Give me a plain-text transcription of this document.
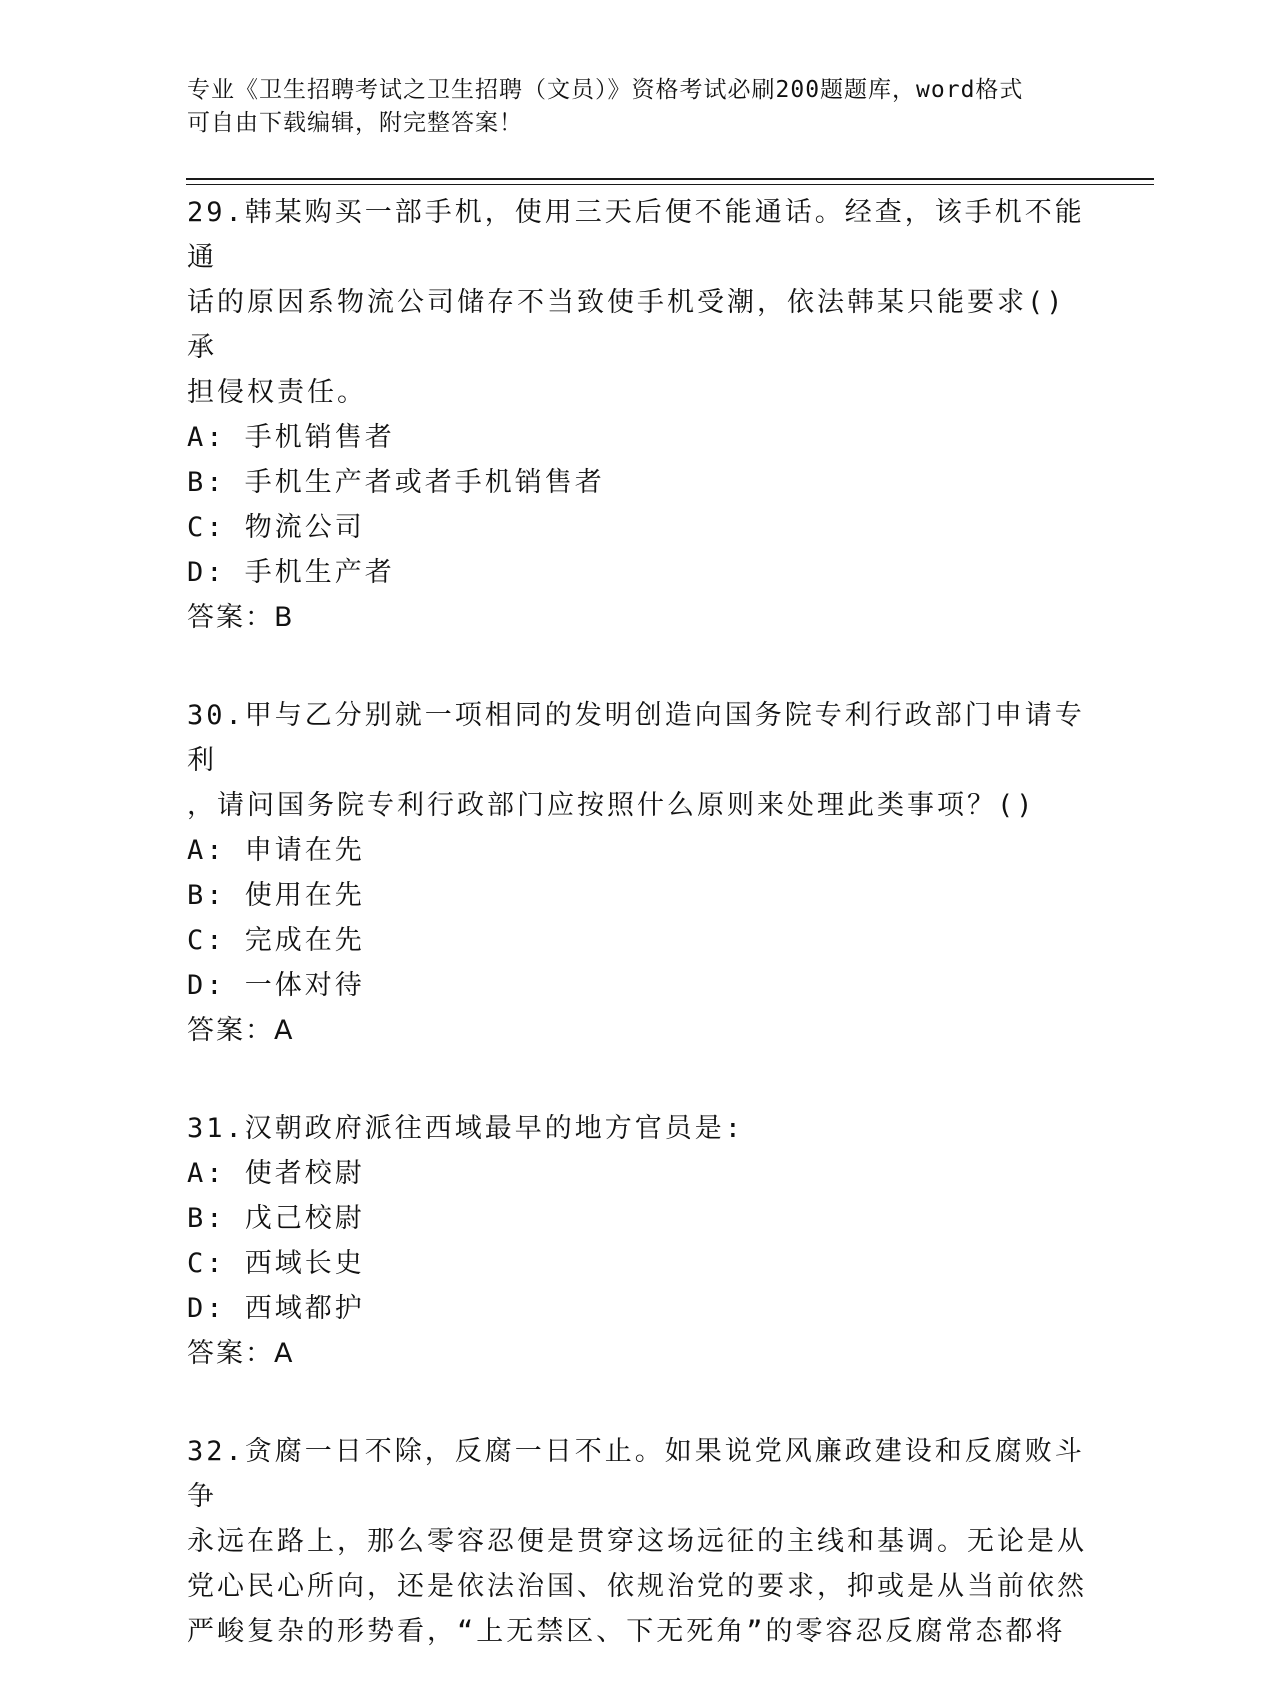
专业《卫生招聘考试之卫生招聘（文员）》资格考试必刷200题题库，word格式
可自由下载编辑，附完整答案！
29.韩某购买一部手机，使用三天后便不能通话。经查，该手机不能通
话的原因系物流公司储存不当致使手机受潮，依法韩某只能要求()承
担侵权责任。
A: 手机销售者
B: 手机生产者或者手机销售者
C: 物流公司
D: 手机生产者
答案：B
30.甲与乙分别就一项相同的发明创造向国务院专利行政部门申请专利
，请问国务院专利行政部门应按照什么原则来处理此类事项？()
A: 申请在先
B: 使用在先
C: 完成在先
D: 一体对待
答案：A
31.汉朝政府派往西域最早的地方官员是:
A: 使者校尉
B: 戊己校尉
C: 西域长史
D: 西域都护
答案：A
32.贪腐一日不除，反腐一日不止。如果说党风廉政建设和反腐败斗争
永远在路上，那么零容忍便是贯穿这场远征的主线和基调。无论是从
党心民心所向，还是依法治国、依规治党的要求，抑或是从当前依然
严峻复杂的形势看，“上无禁区、下无死角”的零容忍反腐常态都将
